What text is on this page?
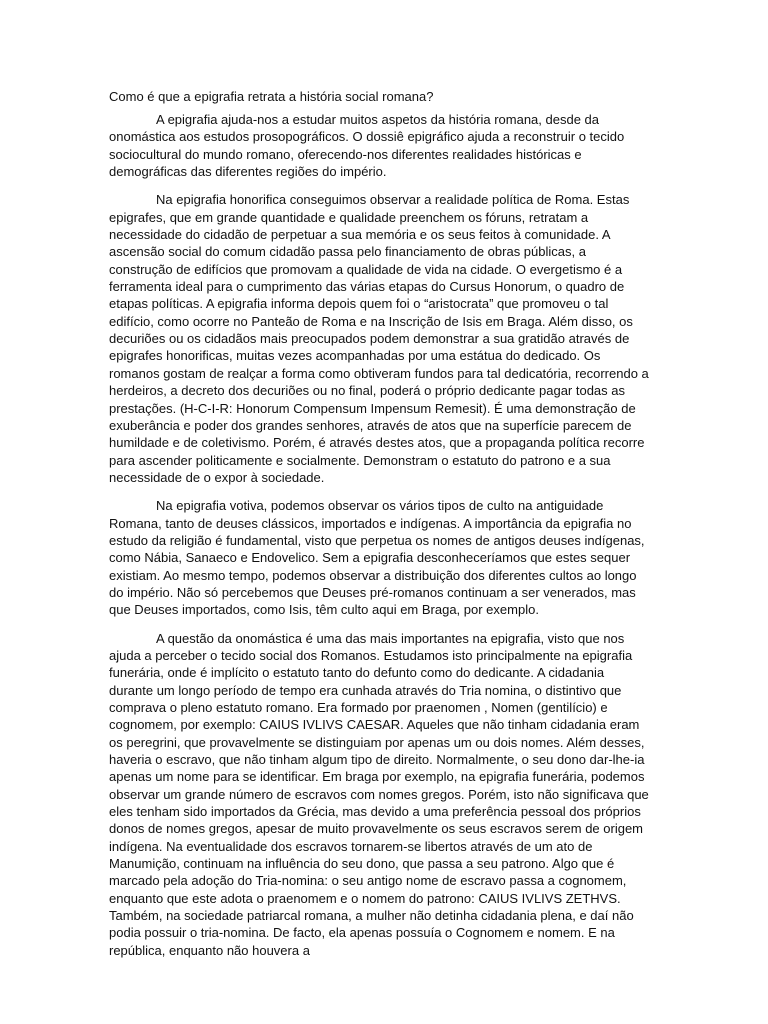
Como é que a epigrafia retrata a história social romana?

A epigrafia ajuda-nos a estudar muitos aspetos da história romana, desde da onomástica aos estudos prosopográficos. O dossiê epigráfico ajuda a reconstruir o tecido sociocultural do mundo romano, oferecendo-nos diferentes realidades históricas e demográficas das diferentes regiões do império.

Na epigrafia honorifica conseguimos observar a realidade política de Roma. Estas epigrafes, que em grande quantidade e qualidade preenchem os fóruns, retratam a necessidade do cidadão de perpetuar a sua memória e os seus feitos à comunidade. A ascensão social do comum cidadão passa pelo financiamento de obras públicas, a construção de edifícios que promovam a qualidade de vida na cidade. O evergetismo é a ferramenta ideal para o cumprimento das várias etapas do Cursus Honorum, o quadro de etapas políticas. A epigrafia informa depois quem foi o “aristocrata” que promoveu o tal edifício, como ocorre no Panteão de Roma e na Inscrição de Isis em Braga. Além disso, os decuriões ou os cidadãos mais preocupados podem demonstrar a sua gratidão através de epigrafes honorificas, muitas vezes acompanhadas por uma estátua do dedicado. Os romanos gostam de realçar a forma como obtiveram fundos para tal dedicatória, recorrendo a herdeiros, a decreto dos decuriões ou no final, poderá o próprio dedicante pagar todas as prestações. (H-C-I-R: Honorum Compensum Impensum Remesit). É uma demonstração de exuberância e poder dos grandes senhores, através de atos que na superfície parecem de humildade e de coletivismo. Porém, é através destes atos, que a propaganda política recorre para ascender politicamente e socialmente. Demonstram o estatuto do patrono e a sua necessidade de o expor à sociedade.

Na epigrafia votiva, podemos observar os vários tipos de culto na antiguidade Romana, tanto de deuses clássicos, importados e indígenas. A importância da epigrafia no estudo da religião é fundamental, visto que perpetua os nomes de antigos deuses indígenas, como Nábia, Sanaeco e Endovelico. Sem a epigrafia desconheceríamos que estes sequer existiam. Ao mesmo tempo, podemos observar a distribuição dos diferentes cultos ao longo do império. Não só percebemos que Deuses pré-romanos continuam a ser venerados, mas que Deuses importados, como Isis, têm culto aqui em Braga, por exemplo.

A questão da onomástica é uma das mais importantes na epigrafia, visto que nos ajuda a perceber o tecido social dos Romanos. Estudamos isto principalmente na epigrafia funerária, onde é implícito o estatuto tanto do defunto como do dedicante. A cidadania durante um longo período de tempo era cunhada através do Tria nomina, o distintivo que comprava o pleno estatuto romano. Era formado por praenomen , Nomen (gentilício) e cognomem, por exemplo: CAIUS IVLIVS CAESAR. Aqueles que não tinham cidadania eram os peregrini, que provavelmente se distinguiam por apenas um ou dois nomes. Além desses, haveria o escravo, que não tinham algum tipo de direito. Normalmente, o seu dono dar-lhe-ia apenas um nome para se identificar. Em braga por exemplo, na epigrafia funerária, podemos observar um grande número de escravos com nomes gregos. Porém, isto não significava que eles tenham sido importados da Grécia, mas devido a uma preferência pessoal dos próprios donos de nomes gregos, apesar de muito provavelmente os seus escravos serem de origem indígena. Na eventualidade dos escravos tornarem-se libertos através de um ato de Manumição, continuam na influência do seu dono, que passa a seu patrono. Algo que é marcado pela adoção do Tria-nomina: o seu antigo nome de escravo passa a cognomem, enquanto que este adota o praenomem e o nomem do patrono: CAIUS IVLIVS ZETHVS. Também, na sociedade patriarcal romana, a mulher não detinha cidadania plena, e daí não podia possuir o tria-nomina. De facto, ela apenas possuía o Cognomem e nomem. E na república, enquanto não houvera a
